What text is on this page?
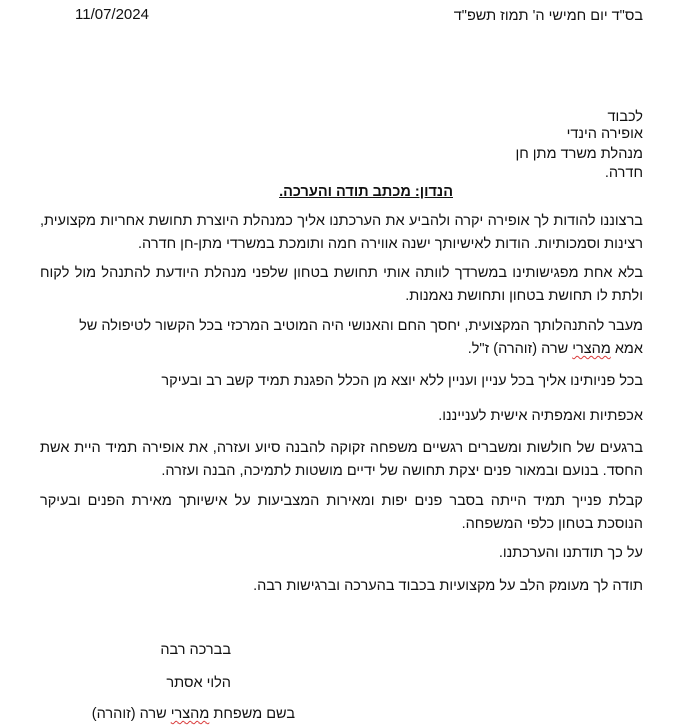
בס"ד יום חמישי ה' תמוז תשפ"ד
11/07/2024
לכבוד
אופירה הינדי
מנהלת משרד מתן חן
חדרה.
הנדון: מכתב תודה והערכה.
ברצוננו להודות לך אופירה יקרה ולהביע את הערכתנו אליך כמנהלת היוצרת תחושת אחריות מקצועית, רצינות וסמכותיות. הודות לאישיותך ישנה אווירה חמה ותומכת במשרדי מתן-חן חדרה.
בלא אחת מפגישותינו במשרדך לוותה אותי תחושת בטחון שלפני מנהלת היודעת להתנהל מול לקוח ולתת לו תחושת בטחון ותחושת נאמנות.
מעבר להתנהלותך המקצועית, יחסך החם והאנושי היה המוטיב המרכזי בכל הקשור לטיפולה של
אמא מהצרי שרה (זוהרה) ז"ל.
בכל פניותינו אליך בכל עניין ועניין ללא יוצא מן הכלל הפגנת תמיד קשב רב ובעיקר
אכפתיות ואמפתיה אישית לענייננו.
ברגעים של חולשות ומשברים רגשיים משפחה זקוקה להבנה סיוע ועזרה, את אופירה תמיד היית אשת החסד. בנועם ובמאור פנים יצקת תחושה של ידיים מושטות לתמיכה, הבנה ועזרה.
קבלת פנייך תמיד הייתה בסבר פנים יפות ומאירות המצביעות על אישיותך מאירת הפנים ובעיקר הנוסכת בטחון כלפי המשפחה.
על כך תודתנו והערכתנו.
תודה לך מעומק הלב על מקצועיות בכבוד בהערכה וברגישות רבה.
בברכה רבה
הלוי אסתר
בשם משפחת מהצרי שרה (זוהרה)
